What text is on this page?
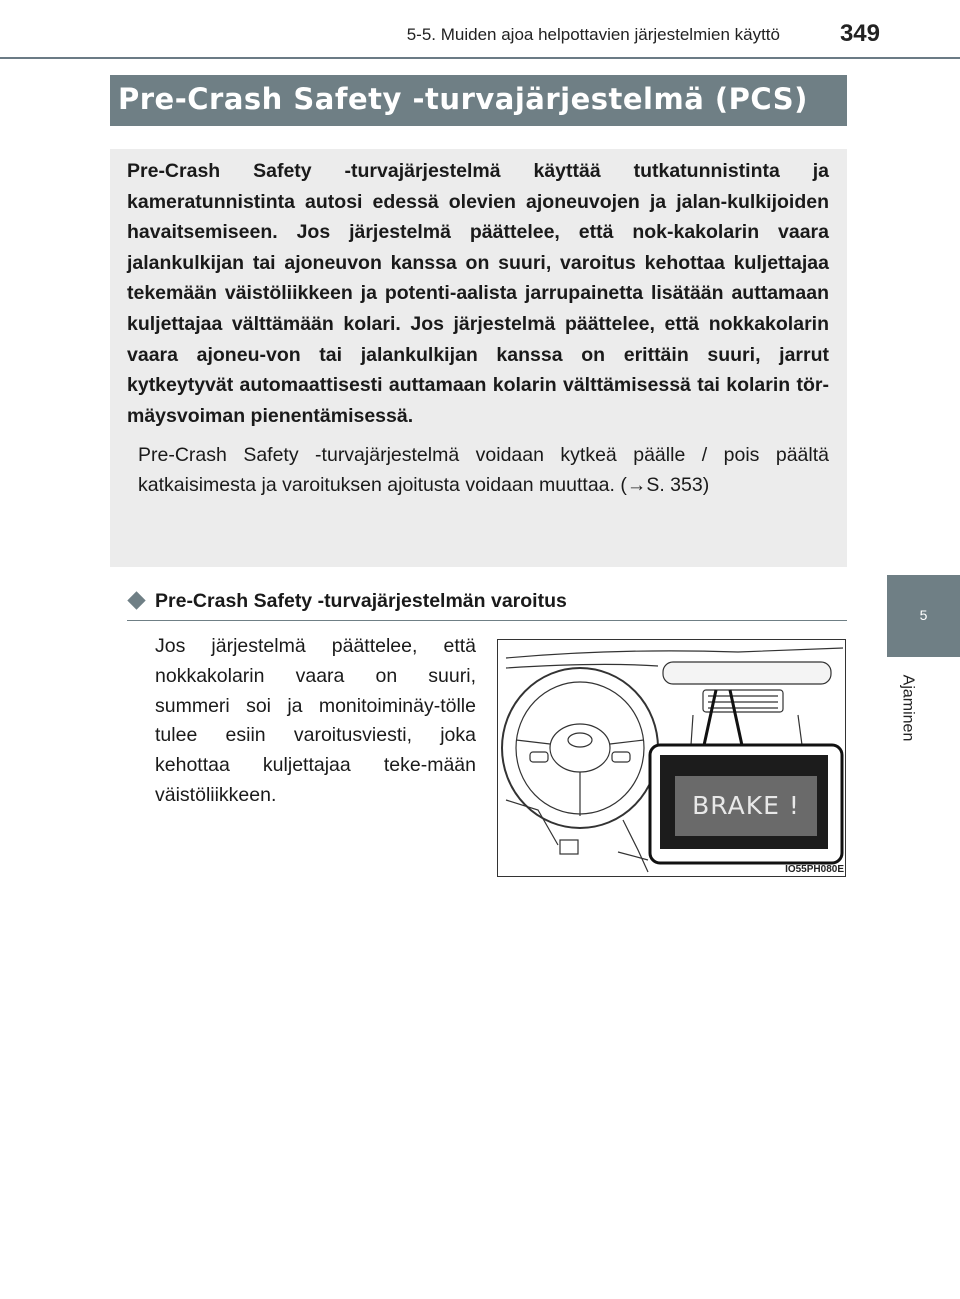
5-5. Muiden ajoa helpottavien järjestelmien käyttö	349
5
Ajaminen
Pre-Crash Safety -turvajärjestelmä (PCS)

Pre-Crash Safety -turvajärjestelmä käyttää tutkatunnistinta ja kameratunnistinta autosi edessä olevien ajoneuvojen ja jalan-kulkijoiden havaitsemiseen. Jos järjestelmä päättelee, että nok-kakolarin vaara jalankulkijan tai ajoneuvon kanssa on suuri, varoitus kehottaa kuljettajaa tekemään väistöliikkeen ja potenti-aalista jarrupainetta lisätään auttamaan kuljettajaa välttämään kolari. Jos järjestelmä päättelee, että nokkakolarin vaara ajoneu-von tai jalankulkijan kanssa on erittäin suuri, jarrut kytkeytyvät automaattisesti auttamaan kolarin välttämisessä tai kolarin tör-mäysvoiman pienentämisessä.

Pre-Crash Safety -turvajärjestelmä voidaan kytkeä päälle / pois päältä katkaisimesta ja varoituksen ajoitusta voidaan muuttaa. (→S. 353)

Pre-Crash Safety -turvajärjestelmän varoitus

Jos järjestelmä päättelee, että nokkakolarin vaara on suuri, summeri soi ja monitoiminäy-tölle tulee esiin varoitusviesti, joka kehottaa kuljettajaa teke-mään väistöliikkeen.	BRAKE !
IO55PH080E
